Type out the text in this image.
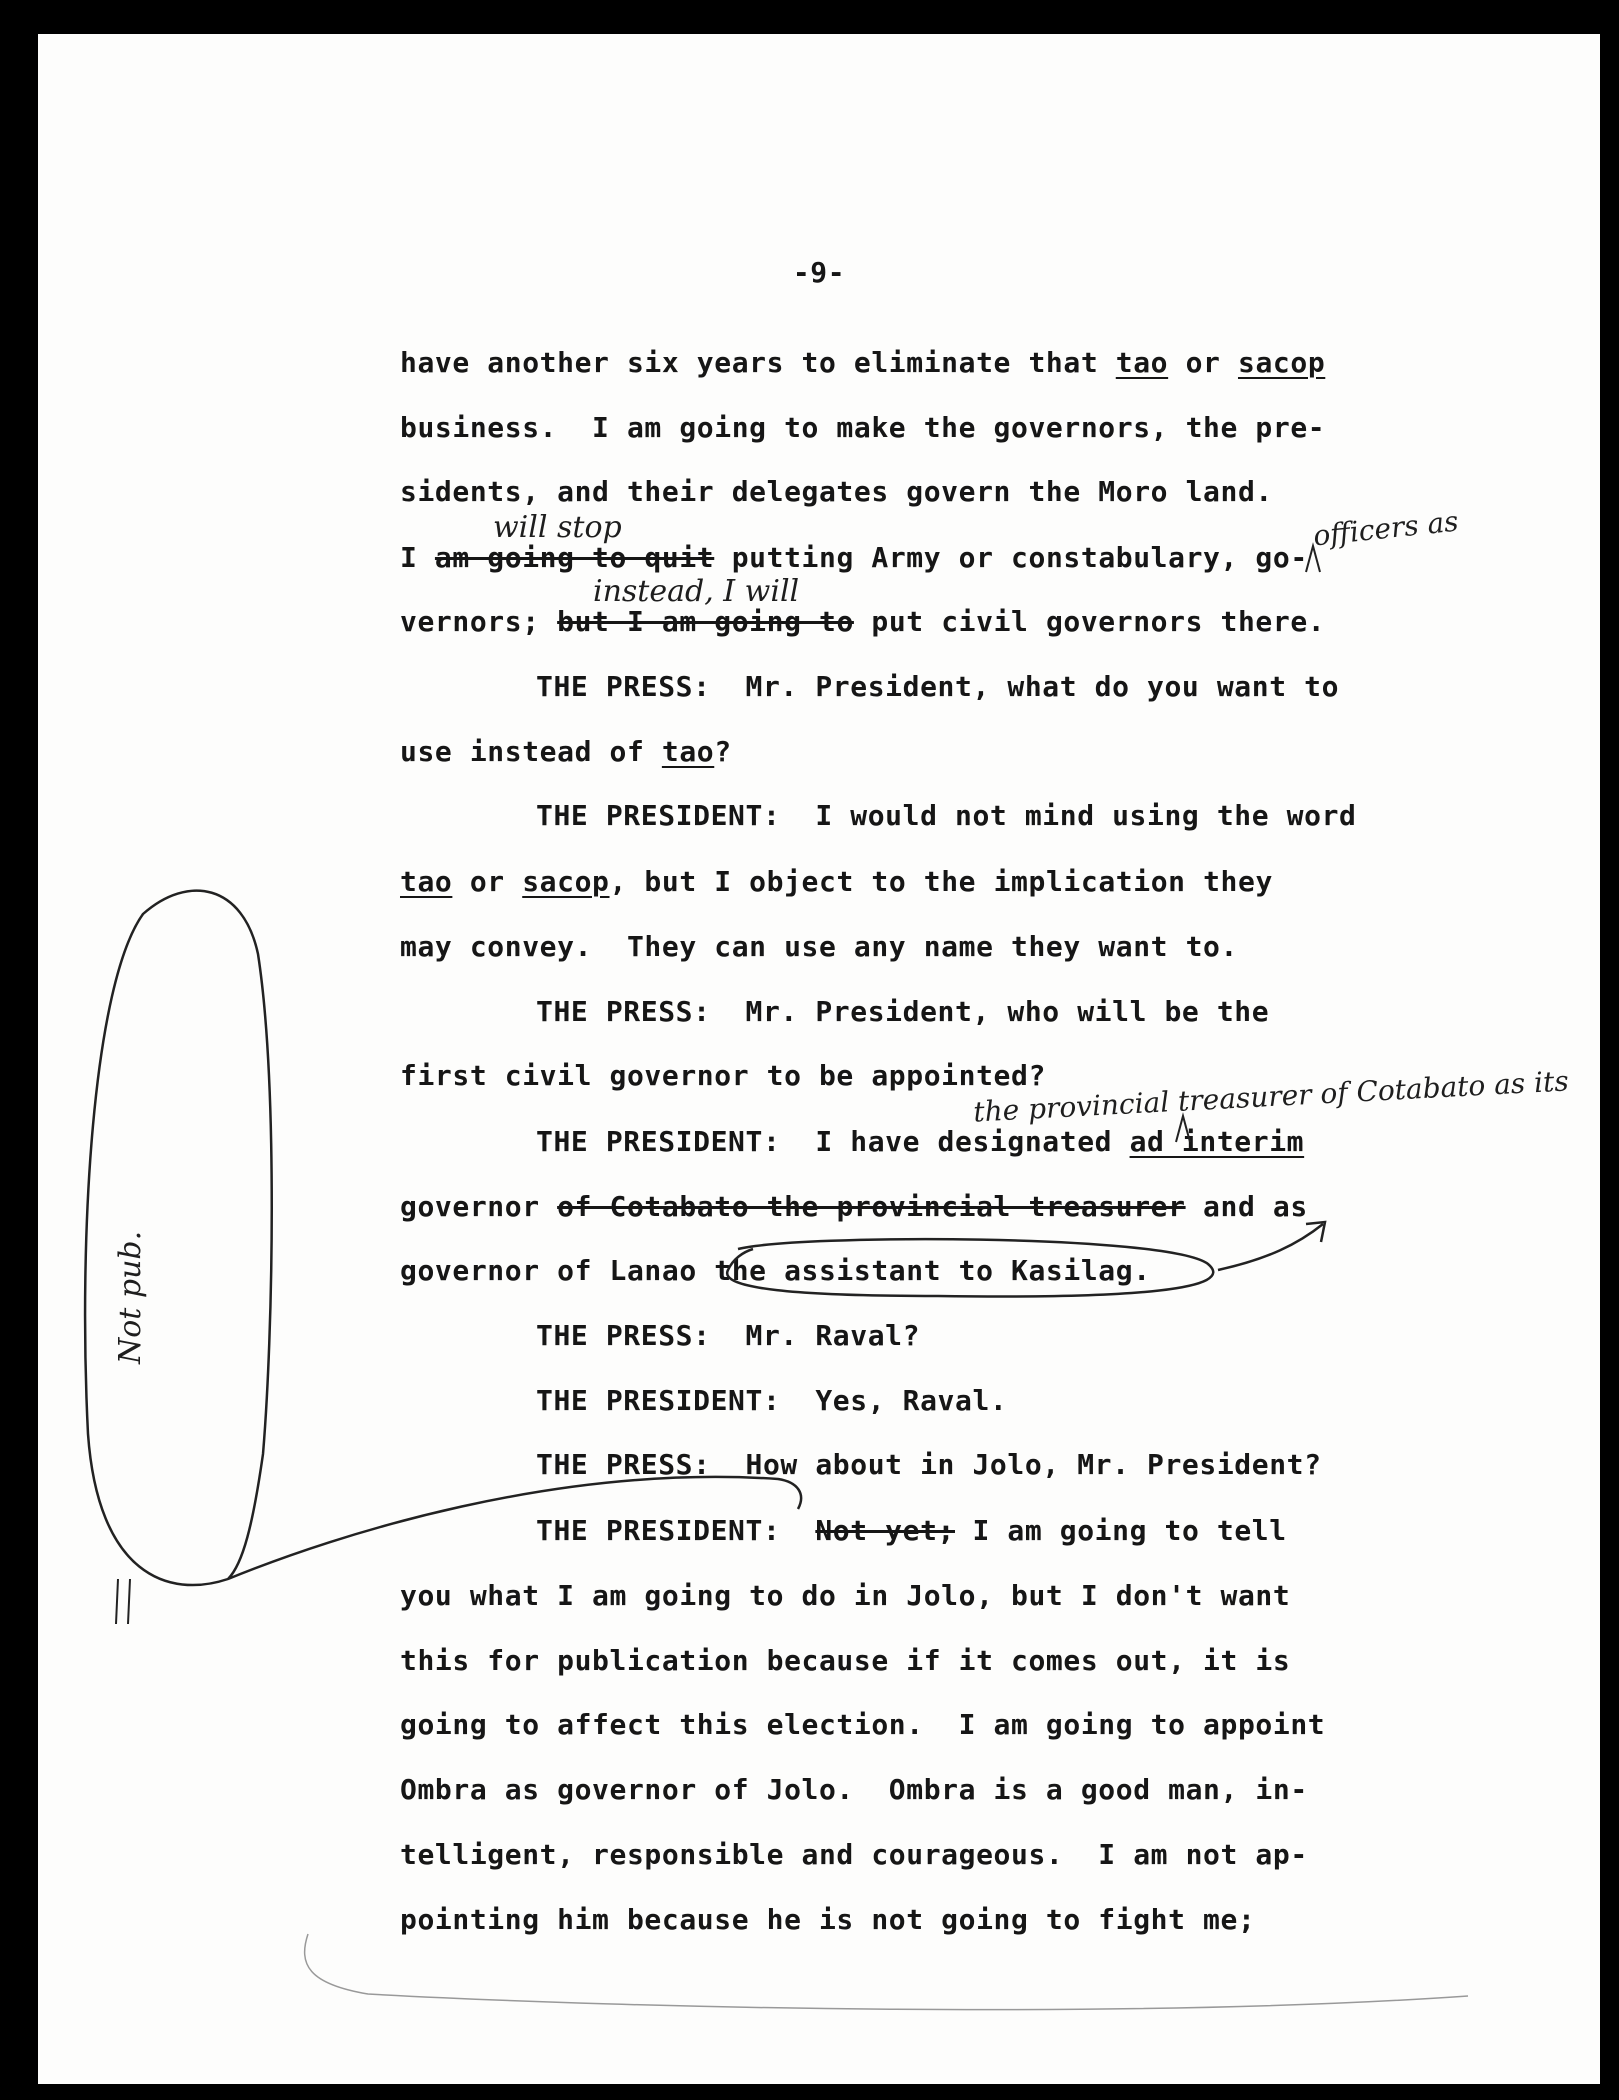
-9-
have another six years to eliminate that tao or sacop
business.  I am going to make the governors, the pre-
sidents, and their delegates govern the Moro land.
I am going to quit putting Army or constabulary, go-
vernors; but I am going to put civil governors there.
THE PRESS: Mr. President, what do you want to
use instead of tao?
THE PRESIDENT: I would not mind using the word
tao or sacop, but I object to the implication they
may convey.  They can use any name they want to.
THE PRESS: Mr. President, who will be the
first civil governor to be appointed?
THE PRESIDENT: I have designated ad interim
governor of Cotabato the provincial treasurer and as
governor of Lanao the assistant to Kasilag.
THE PRESS: Mr. Raval?
THE PRESIDENT: Yes, Raval.
THE PRESS: How about in Jolo, Mr. President?
THE PRESIDENT: Not yet; I am going to tell
you what I am going to do in Jolo, but I don't want
this for publication because if it comes out, it is
going to affect this election.  I am going to appoint
Ombra as governor of Jolo.  Ombra is a good man, in-
telligent, responsible and courageous.  I am not ap-
pointing him because he is not going to fight me;
will stop	officers as
instead, I will
the provincial treasurer of Cotabato as its
Not pub.
